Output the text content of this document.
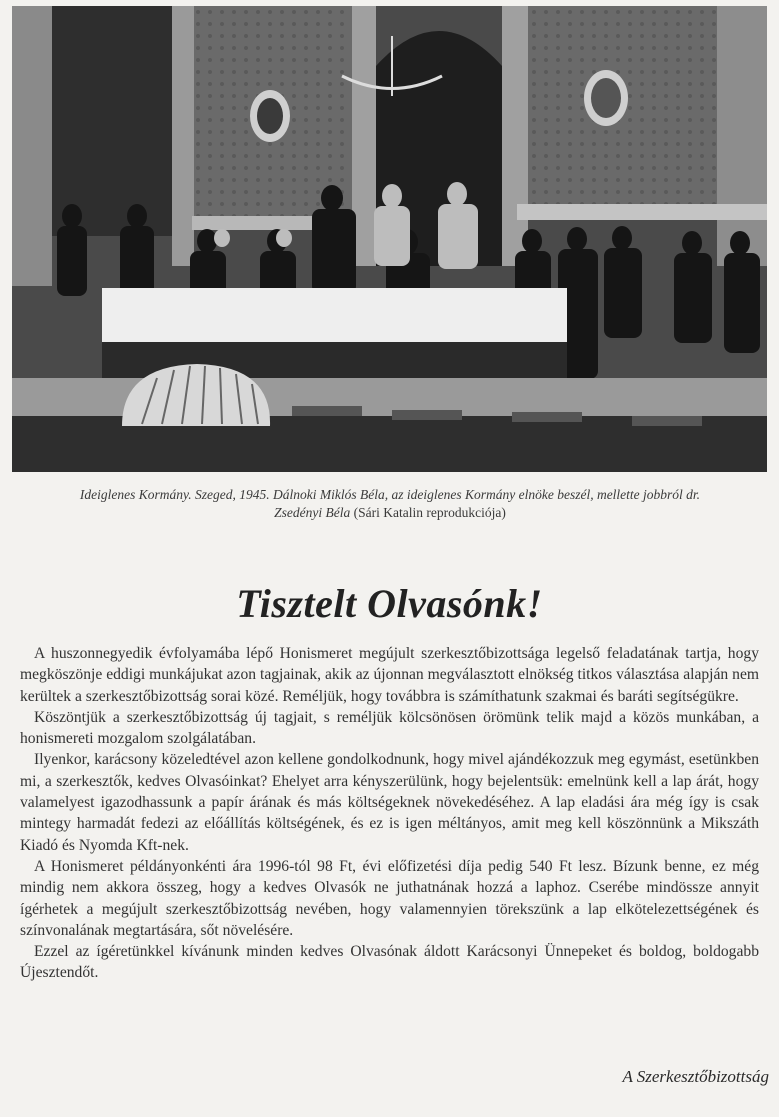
Ideiglenes Kormány. Szeged, 1945. Dálnoki Miklós Béla, az ideiglenes Kormány elnöke beszél, mellette jobbról dr. Zsedényi Béla (Sári Katalin reprodukciója)
Tisztelt Olvasónk!

A huszonnegyedik évfolyamába lépő Honismeret megújult szerkesztőbizottsága legelső feladatának tartja, hogy megköszönje eddigi munkájukat azon tagjainak, akik az újonnan megválasztott elnökség titkos választása alapján nem kerültek a szerkesztőbizottság sorai közé. Reméljük, hogy továbbra is számíthatunk szakmai és baráti segítségükre.

Köszöntjük a szerkesztőbizottság új tagjait, s reméljük kölcsönösen örömünk telik majd a közös munkában, a honismereti mozgalom szolgálatában.

Ilyenkor, karácsony közeledtével azon kellene gondolkodnunk, hogy mivel ajándékozzuk meg egymást, esetünkben mi, a szerkesztők, kedves Olvasóinkat? Ehelyet arra kényszerülünk, hogy bejelentsük: emelnünk kell a lap árát, hogy valamelyest igazodhassunk a papír árának és más költségeknek növekedéséhez. A lap eladási ára még így is csak mintegy harmadát fedezi az előállítás költségének, és ez is igen méltányos, amit meg kell köszönnünk a Mikszáth Kiadó és Nyomda Kft-nek.

A Honismeret példányonkénti ára 1996-tól 98 Ft, évi előfizetési díja pedig 540 Ft lesz. Bízunk benne, ez még mindig nem akkora összeg, hogy a kedves Olvasók ne juthatnának hozzá a laphoz. Cserébe mindössze annyit ígérhetek a megújult szerkesztőbizottság nevében, hogy valamennyien törekszünk a lap elkötelezettségének és színvonalának megtartására, sőt növelésére.

Ezzel az ígéretünkkel kívánunk minden kedves Olvasónak áldott Karácsonyi Ünnepeket és boldog, boldogabb Újesztendőt.

A Szerkesztőbizottság
